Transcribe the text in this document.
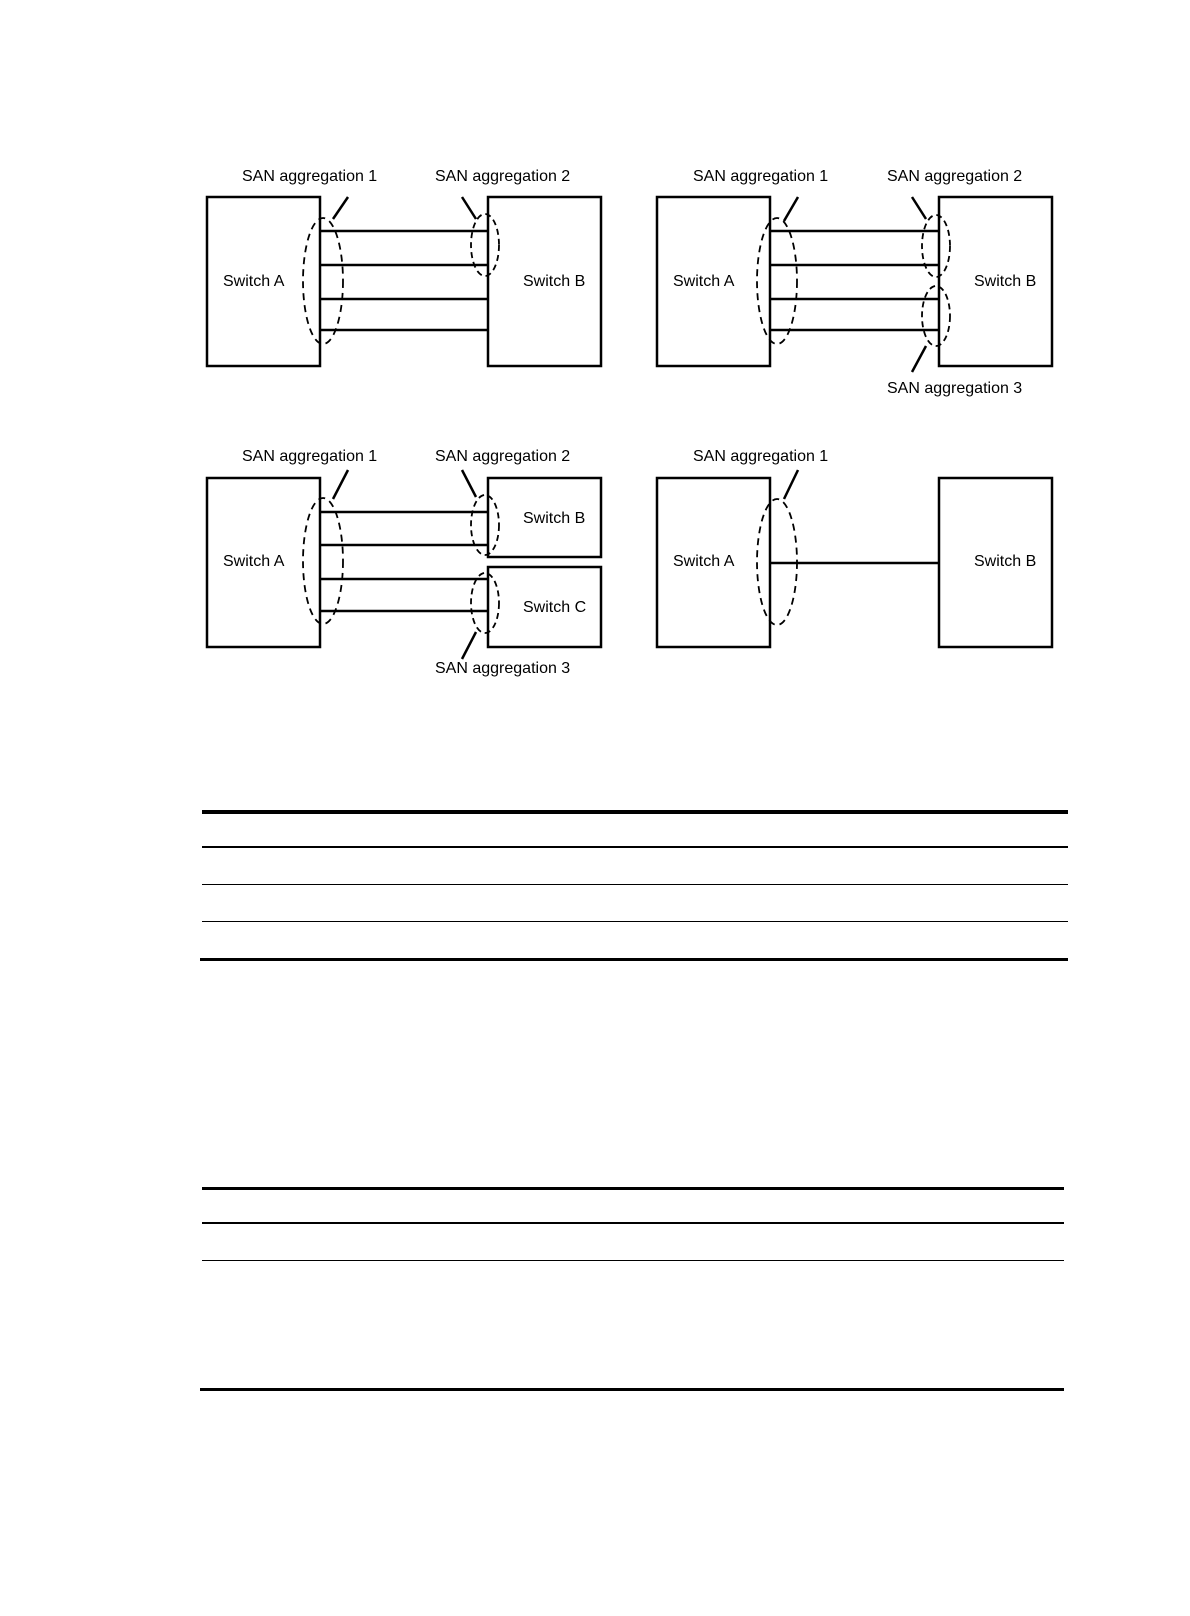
SAN aggregation 1	SAN aggregation 2
Switch A	Switch B
SAN aggregation 1	SAN aggregation 2
SAN aggregation 3
Switch A	Switch B
SAN aggregation 1	SAN aggregation 2
SAN aggregation 3
Switch A
Switch B
Switch C
SAN aggregation 1
Switch A	Switch B
